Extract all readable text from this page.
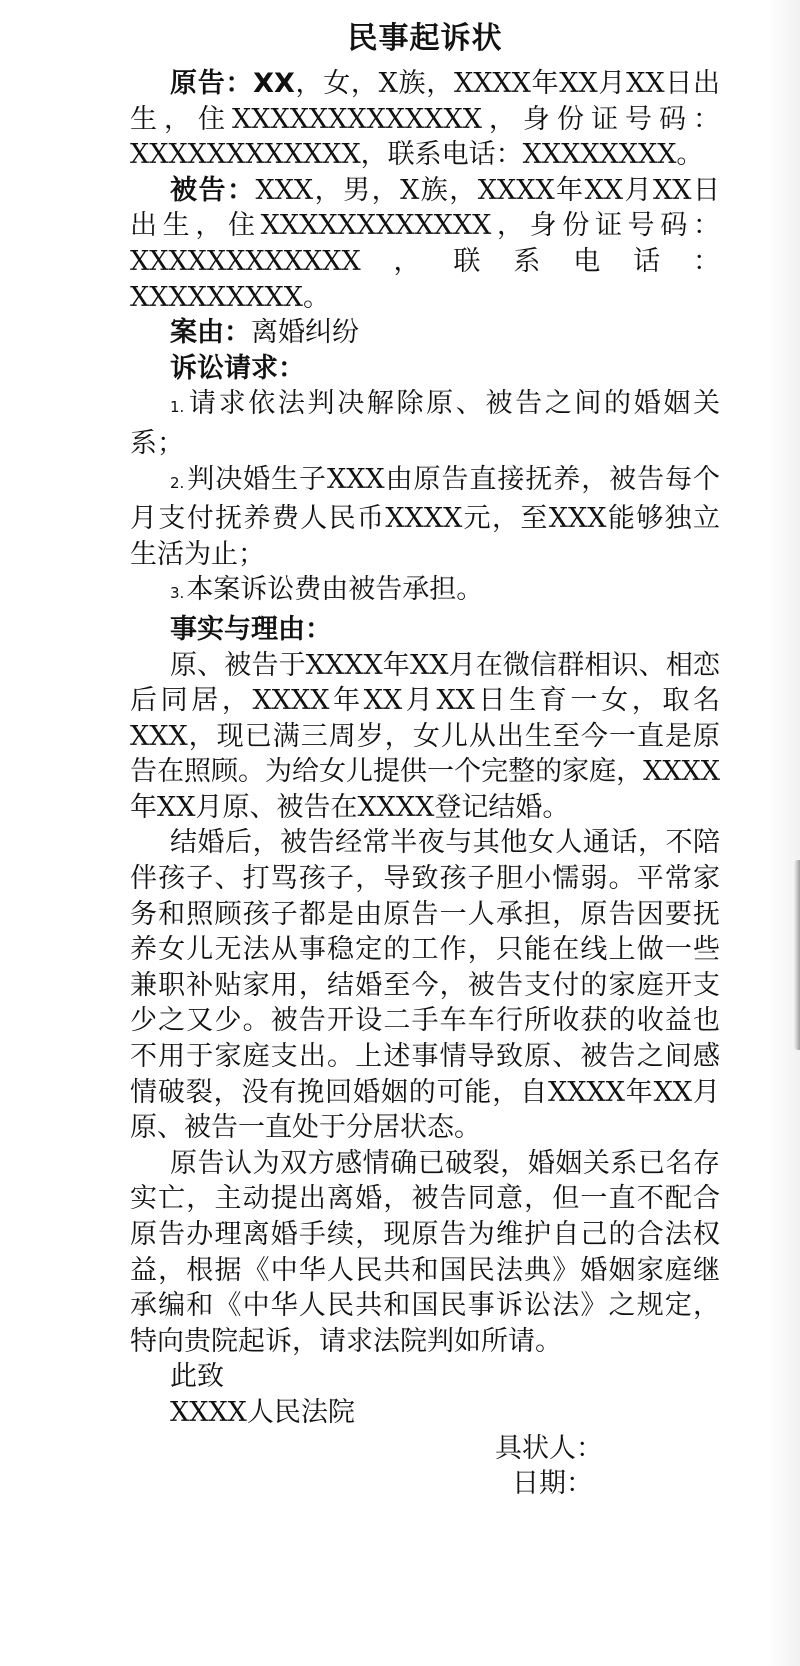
民事起诉状

原告：XX，女，X族，XXXX年XX月XX日出生，住XXXXXXXXXXXXX，身份证号码：XXXXXXXXXXXX，联系电话：XXXXXXXX。

被告：XXX，男，X族，XXXX年XX月XX日出生，住XXXXXXXXXXXX，身份证号码：XXXXXXXXXXXX，联系电话：XXXXXXXXX。

案由：离婚纠纷

诉讼请求：

1.请求依法判决解除原、被告之间的婚姻关系；

2.判决婚生子XXX由原告直接抚养，被告每个月支付抚养费人民币XXXX元，至XXX能够独立生活为止；

3.本案诉讼费由被告承担。

事实与理由：

原、被告于XXXX年XX月在微信群相识、相恋后同居，XXXX年XX月XX日生育一女，取名XXX，现已满三周岁，女儿从出生至今一直是原告在照顾。为给女儿提供一个完整的家庭，XXXX年XX月原、被告在XXXX登记结婚。

结婚后，被告经常半夜与其他女人通话，不陪伴孩子、打骂孩子，导致孩子胆小懦弱。平常家务和照顾孩子都是由原告一人承担，原告因要抚养女儿无法从事稳定的工作，只能在线上做一些兼职补贴家用，结婚至今，被告支付的家庭开支少之又少。被告开设二手车车行所收获的收益也不用于家庭支出。上述事情导致原、被告之间感情破裂，没有挽回婚姻的可能，自XXXX年XX月原、被告一直处于分居状态。

原告认为双方感情确已破裂，婚姻关系已名存实亡，主动提出离婚，被告同意，但一直不配合原告办理离婚手续，现原告为维护自己的合法权益，根据《中华人民共和国民法典》婚姻家庭继承编和《中华人民共和国民事诉讼法》之规定，特向贵院起诉，请求法院判如所请。

此致

XXXX人民法院

具状人：

日期：
